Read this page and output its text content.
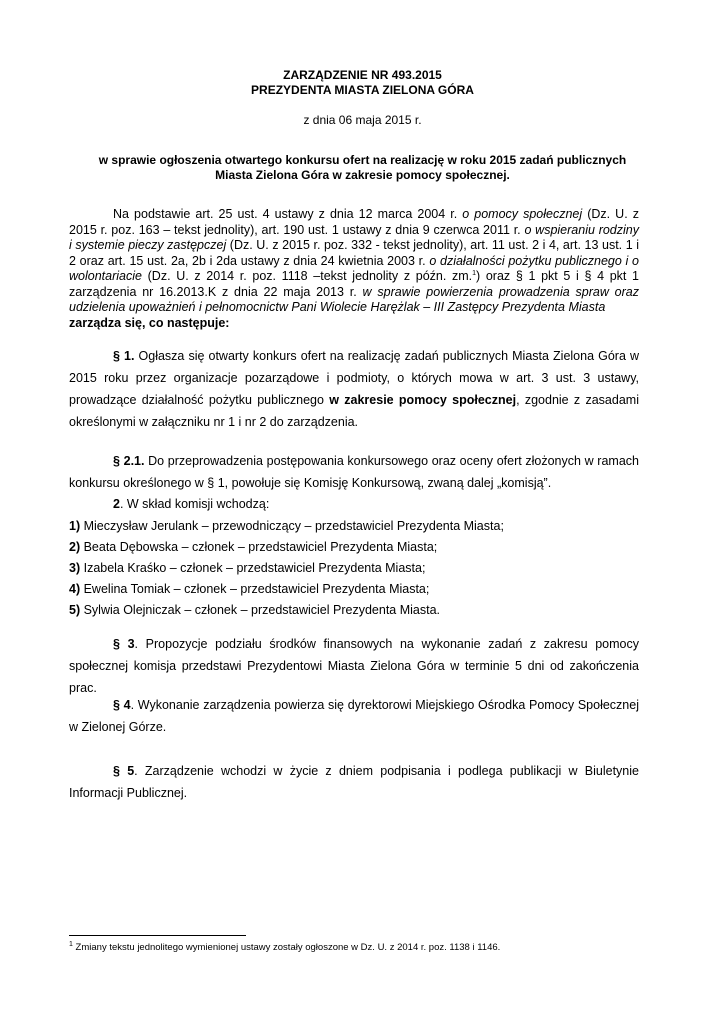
ZARZĄDZENIE NR 493.2015
PREZYDENTA MIASTA ZIELONA GÓRA
z dnia 06 maja 2015 r.
w sprawie ogłoszenia otwartego konkursu ofert na realizację w roku 2015 zadań publicznych
Miasta Zielona Góra w zakresie pomocy społecznej.

Na podstawie art. 25 ust. 4 ustawy z dnia 12 marca 2004 r. o pomocy społecznej (Dz. U. z 2015 r. poz. 163 – tekst jednolity), art. 190 ust. 1 ustawy z dnia 9 czerwca 2011 r. o wspieraniu rodziny i systemie pieczy zastępczej (Dz. U. z 2015 r. poz. 332 - tekst jednolity), art. 11 ust. 2 i 4, art. 13 ust. 1 i 2 oraz art. 15 ust. 2a, 2b i 2da ustawy z dnia 24 kwietnia 2003 r. o działalności pożytku publicznego i o wolontariacie (Dz. U. z 2014 r. poz. 1118 –tekst jednolity z późn. zm.$^1$) oraz § 1 pkt 5 i § 4 pkt 1 zarządzenia nr 16.2013.K z dnia 22 maja 2013 r. w sprawie powierzenia prowadzenia spraw oraz udzielenia upoważnień i pełnomocnictw Pani Wiolecie Harężlak – III Zastępcy Prezydenta Miasta
zarządza się, co następuje:

§ 1. Ogłasza się otwarty konkurs ofert na realizację zadań publicznych Miasta Zielona Góra w 2015 roku przez organizacje pozarządowe i podmioty, o których mowa w art. 3 ust. 3 ustawy, prowadzące działalność pożytku publicznego w zakresie pomocy społecznej, zgodnie z zasadami określonymi w załączniku nr 1 i nr 2 do zarządzenia.

§ 2.1. Do przeprowadzenia postępowania konkursowego oraz oceny ofert złożonych w ramach konkursu określonego w § 1, powołuje się Komisję Konkursową, zwaną dalej „komisją”.

2. W skład komisji wchodzą:

1) Mieczysław Jerulank – przewodniczący – przedstawiciel Prezydenta Miasta;

2) Beata Dębowska – członek – przedstawiciel Prezydenta Miasta;

3) Izabela Kraśko – członek – przedstawiciel Prezydenta Miasta;

4) Ewelina Tomiak – członek – przedstawiciel Prezydenta Miasta;

5) Sylwia Olejniczak – członek – przedstawiciel Prezydenta Miasta.

§ 3. Propozycje podziału środków finansowych na wykonanie zadań z zakresu pomocy społecznej komisja przedstawi Prezydentowi Miasta Zielona Góra w terminie 5 dni od zakończenia prac.

§ 4. Wykonanie zarządzenia powierza się dyrektorowi Miejskiego Ośrodka Pomocy Społecznej w Zielonej Górze.

§ 5. Zarządzenie wchodzi w życie z dniem podpisania i podlega publikacji w Biuletynie Informacji Publicznej.

$^1$ Zmiany tekstu jednolitego wymienionej ustawy zostały ogłoszone w Dz. U. z 2014 r. poz. 1138 i 1146.
